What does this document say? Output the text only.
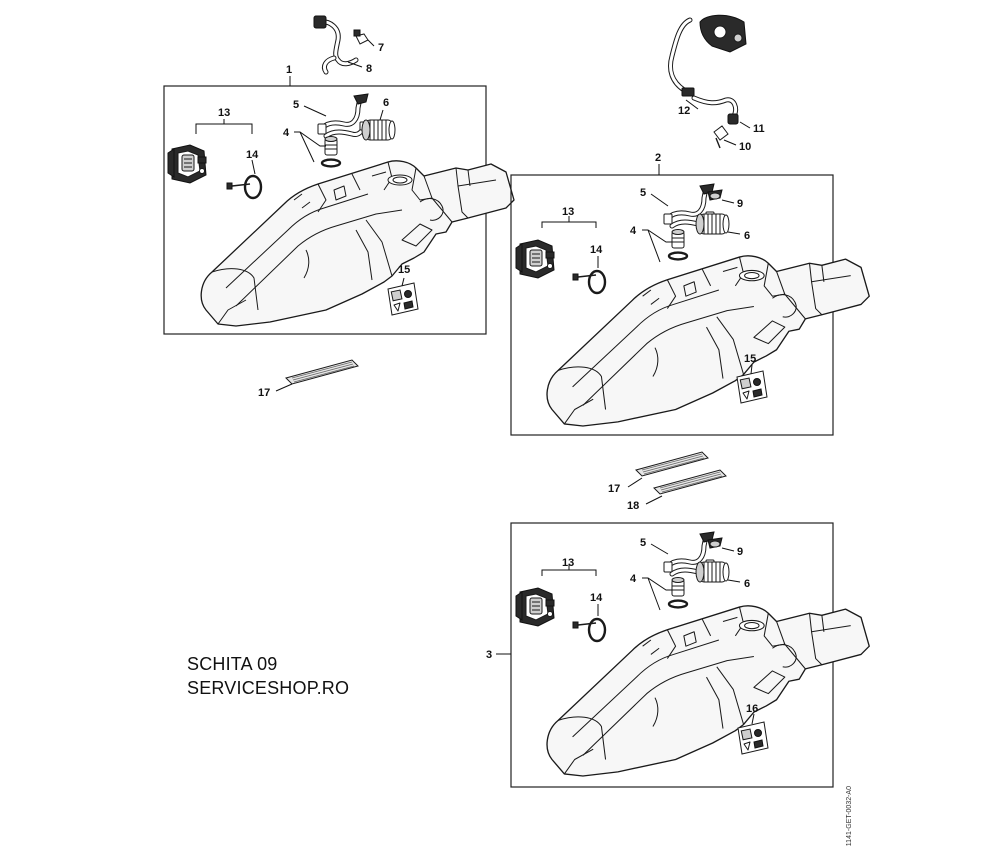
1
13
14
5	6
4
15
7
8
17
2
13
14
5
9
6
4
15
12
11
10
17
18
3
13
14
5
9
6
4
16
SCHITA 09
SERVICESHOP.RO
1141-GET-0032-A0
